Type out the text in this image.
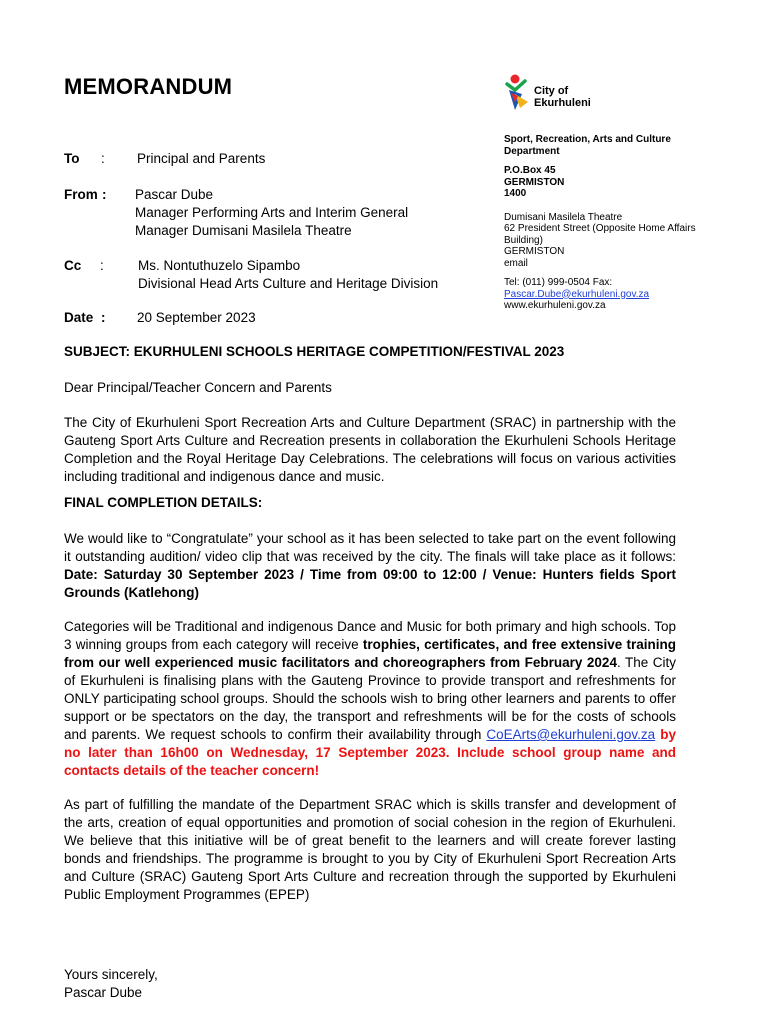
MEMORANDUM	City of
Ekurhuleni
Sport, Recreation, Arts and Culture Department
P.O.Box 45
GERMISTON
1400
Dumisani Masilela Theatre
62 President Street (Opposite Home Affairs Building)
GERMISTON
email
Tel: (011) 999-0504 Fax:
Pascar.Dube@ekurhuleni.gov.za
www.ekurhuleni.gov.za
To : Principal and Parents
From : Pascar Dube
Manager Performing Arts and Interim General
Manager Dumisani Masilela Theatre
Cc :	Ms. Nontuthuzelo Sipambo
Divisional Head Arts Culture and Heritage Division
Date : 20 September 2023
SUBJECT: EKURHULENI SCHOOLS HERITAGE COMPETITION/FESTIVAL 2023
Dear Principal/Teacher Concern and Parents
The City of Ekurhuleni Sport Recreation Arts and Culture Department (SRAC) in partnership with the Gauteng Sport Arts Culture and Recreation presents in collaboration the Ekurhuleni Schools Heritage Completion and the Royal Heritage Day Celebrations. The celebrations will focus on various activities including traditional and indigenous dance and music.
FINAL COMPLETION DETAILS:
We would like to “Congratulate” your school as it has been selected to take part on the event following it outstanding audition/ video clip that was received by the city. The finals will take place as it follows: Date: Saturday 30 September 2023 / Time from 09:00 to 12:00 / Venue: Hunters fields Sport Grounds (Katlehong)
Categories will be Traditional and indigenous Dance and Music for both primary and high schools. Top 3 winning groups from each category will receive trophies, certificates, and free extensive training from our well experienced music facilitators and choreographers from February 2024. The City of Ekurhuleni is finalising plans with the Gauteng Province to provide transport and refreshments for ONLY participating school groups. Should the schools wish to bring other learners and parents to offer support or be spectators on the day, the transport and refreshments will be for the costs of schools and parents. We request schools to confirm their availability through CoEArts@ekurhuleni.gov.za by no later than 16h00 on Wednesday, 17 September 2023. Include school group name and contacts details of the teacher concern!
As part of fulfilling the mandate of the Department SRAC which is skills transfer and development of the arts, creation of equal opportunities and promotion of social cohesion in the region of Ekurhuleni. We believe that this initiative will be of great benefit to the learners and will create forever lasting bonds and friendships. The programme is brought to you by City of Ekurhuleni Sport Recreation Arts and Culture (SRAC) Gauteng Sport Arts Culture and recreation through the supported by Ekurhuleni Public Employment Programmes (EPEP)
Yours sincerely,
Pascar Dube
